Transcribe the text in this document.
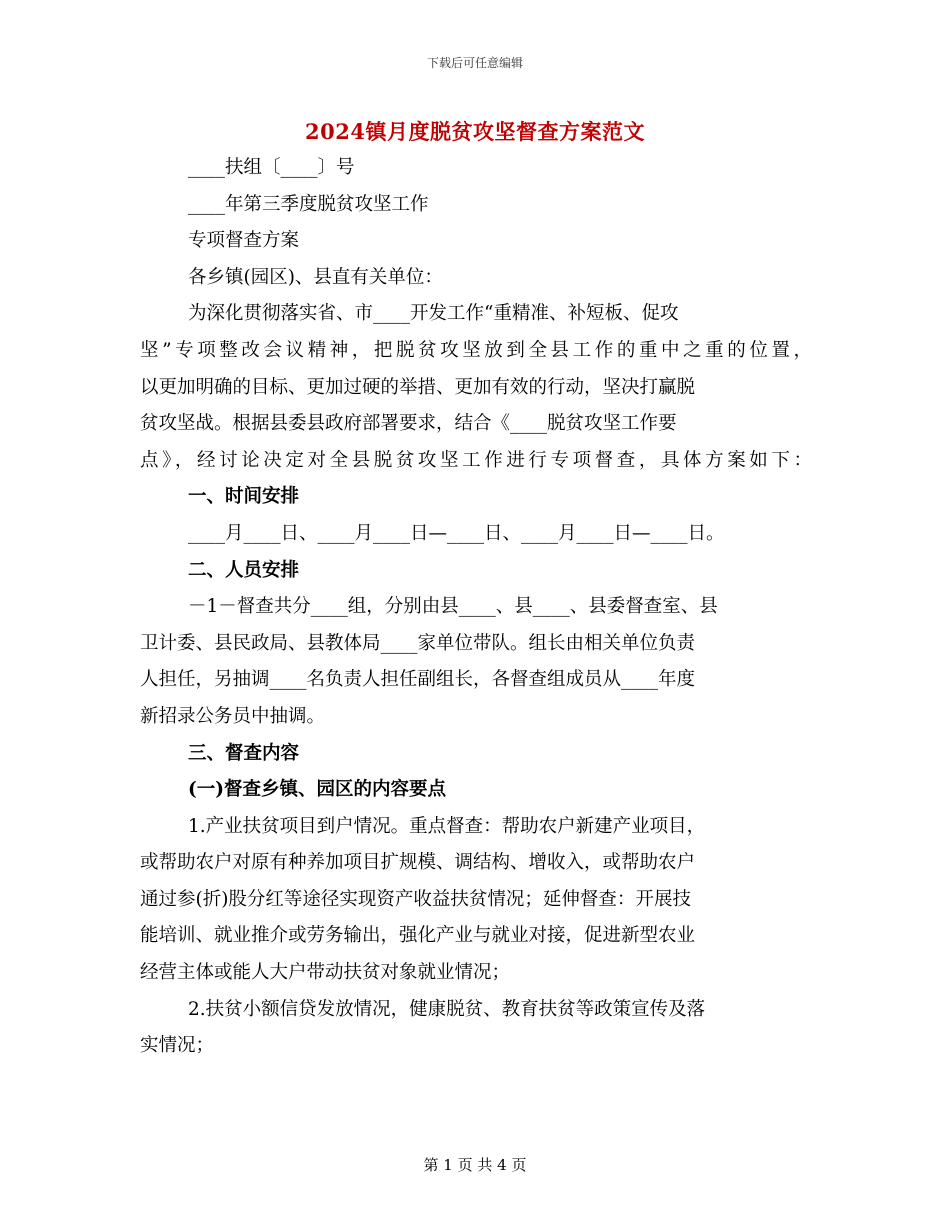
下载后可任意编辑
2024镇月度脱贫攻坚督查方案范文
____扶组〔____〕号
____年第三季度脱贫攻坚工作
专项督查方案
各乡镇(园区)、县直有关单位：
为深化贯彻落实省、市____开发工作“重精准、补短板、促攻
坚”专项整改会议精神，把脱贫攻坚放到全县工作的重中之重的位置，
以更加明确的目标、更加过硬的举措、更加有效的行动，坚决打赢脱
贫攻坚战。根据县委县政府部署要求，结合《____脱贫攻坚工作要
点》，经讨论决定对全县脱贫攻坚工作进行专项督查，具体方案如下：
一、时间安排
____月____日、____月____日—____日、____月____日—____日。
二、人员安排
－1－督查共分____组，分别由县____、县____、县委督查室、县
卫计委、县民政局、县教体局____家单位带队。组长由相关单位负责
人担任，另抽调____名负责人担任副组长，各督查组成员从____年度
新招录公务员中抽调。
三、督查内容
(一)督查乡镇、园区的内容要点
1.产业扶贫项目到户情况。重点督查：帮助农户新建产业项目，
或帮助农户对原有种养加项目扩规模、调结构、增收入，或帮助农户
通过参(折)股分红等途径实现资产收益扶贫情况；延伸督查：开展技
能培训、就业推介或劳务输出，强化产业与就业对接，促进新型农业
经营主体或能人大户带动扶贫对象就业情况；
2.扶贫小额信贷发放情况，健康脱贫、教育扶贫等政策宣传及落
实情况；
第 1 页 共 4 页
